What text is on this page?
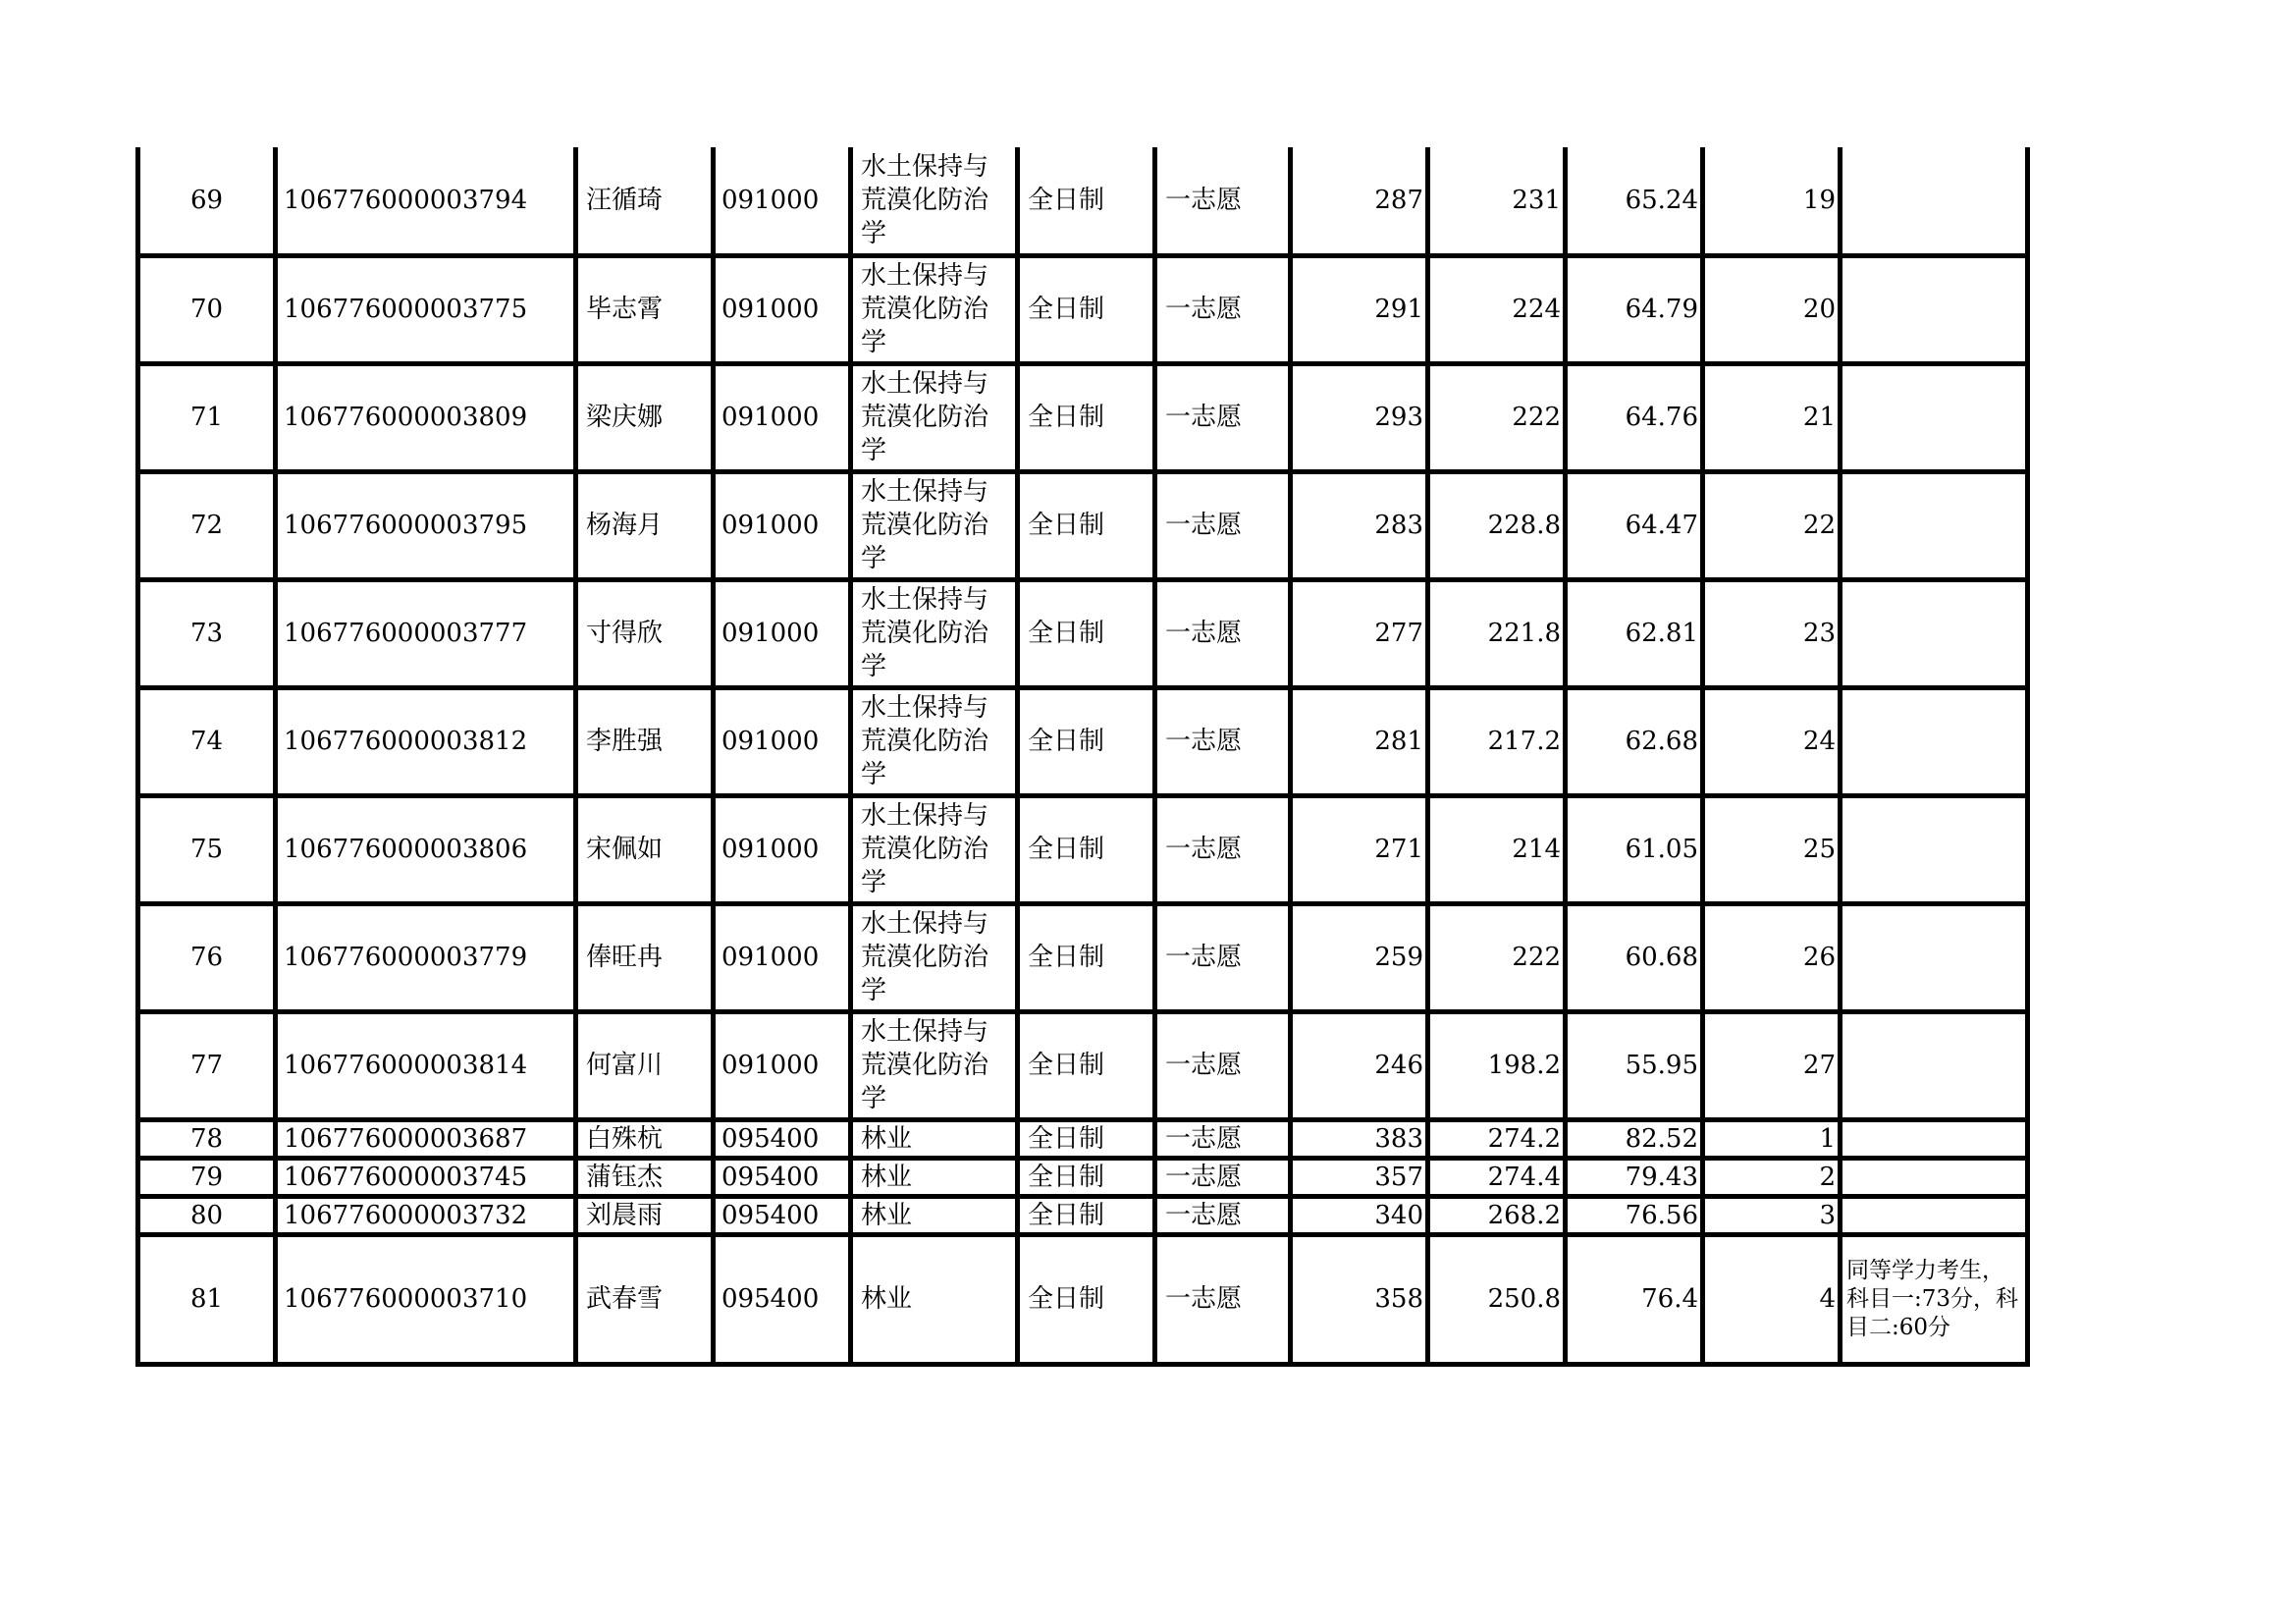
69	106776000003794	汪循琦	091000	水土保持与荒漠化防治学	全日制	一志愿	287	231	65.24	19	

70	106776000003775	毕志霄	091000	水土保持与荒漠化防治学	全日制	一志愿	291	224	64.79	20	

71	106776000003809	梁庆娜	091000	水土保持与荒漠化防治学	全日制	一志愿	293	222	64.76	21	

72	106776000003795	杨海月	091000	水土保持与荒漠化防治学	全日制	一志愿	283	228.8	64.47	22	

73	106776000003777	寸得欣	091000	水土保持与荒漠化防治学	全日制	一志愿	277	221.8	62.81	23	

74	106776000003812	李胜强	091000	水土保持与荒漠化防治学	全日制	一志愿	281	217.2	62.68	24	

75	106776000003806	宋佩如	091000	水土保持与荒漠化防治学	全日制	一志愿	271	214	61.05	25	

76	106776000003779	俸旺冉	091000	水土保持与荒漠化防治学	全日制	一志愿	259	222	60.68	26	

77	106776000003814	何富川	091000	水土保持与荒漠化防治学	全日制	一志愿	246	198.2	55.95	27	

78	106776000003687	白殊杭	095400	林业	全日制	一志愿	383	274.2	82.52	1	

79	106776000003745	蒲钰杰	095400	林业	全日制	一志愿	357	274.4	79.43	2	

80	106776000003732	刘晨雨	095400	林业	全日制	一志愿	340	268.2	76.56	3	

81	106776000003710	武春雪	095400	林业	全日制	一志愿	358	250.8	76.4	4	同等学力考生，科目一:73分，科目二:60分
